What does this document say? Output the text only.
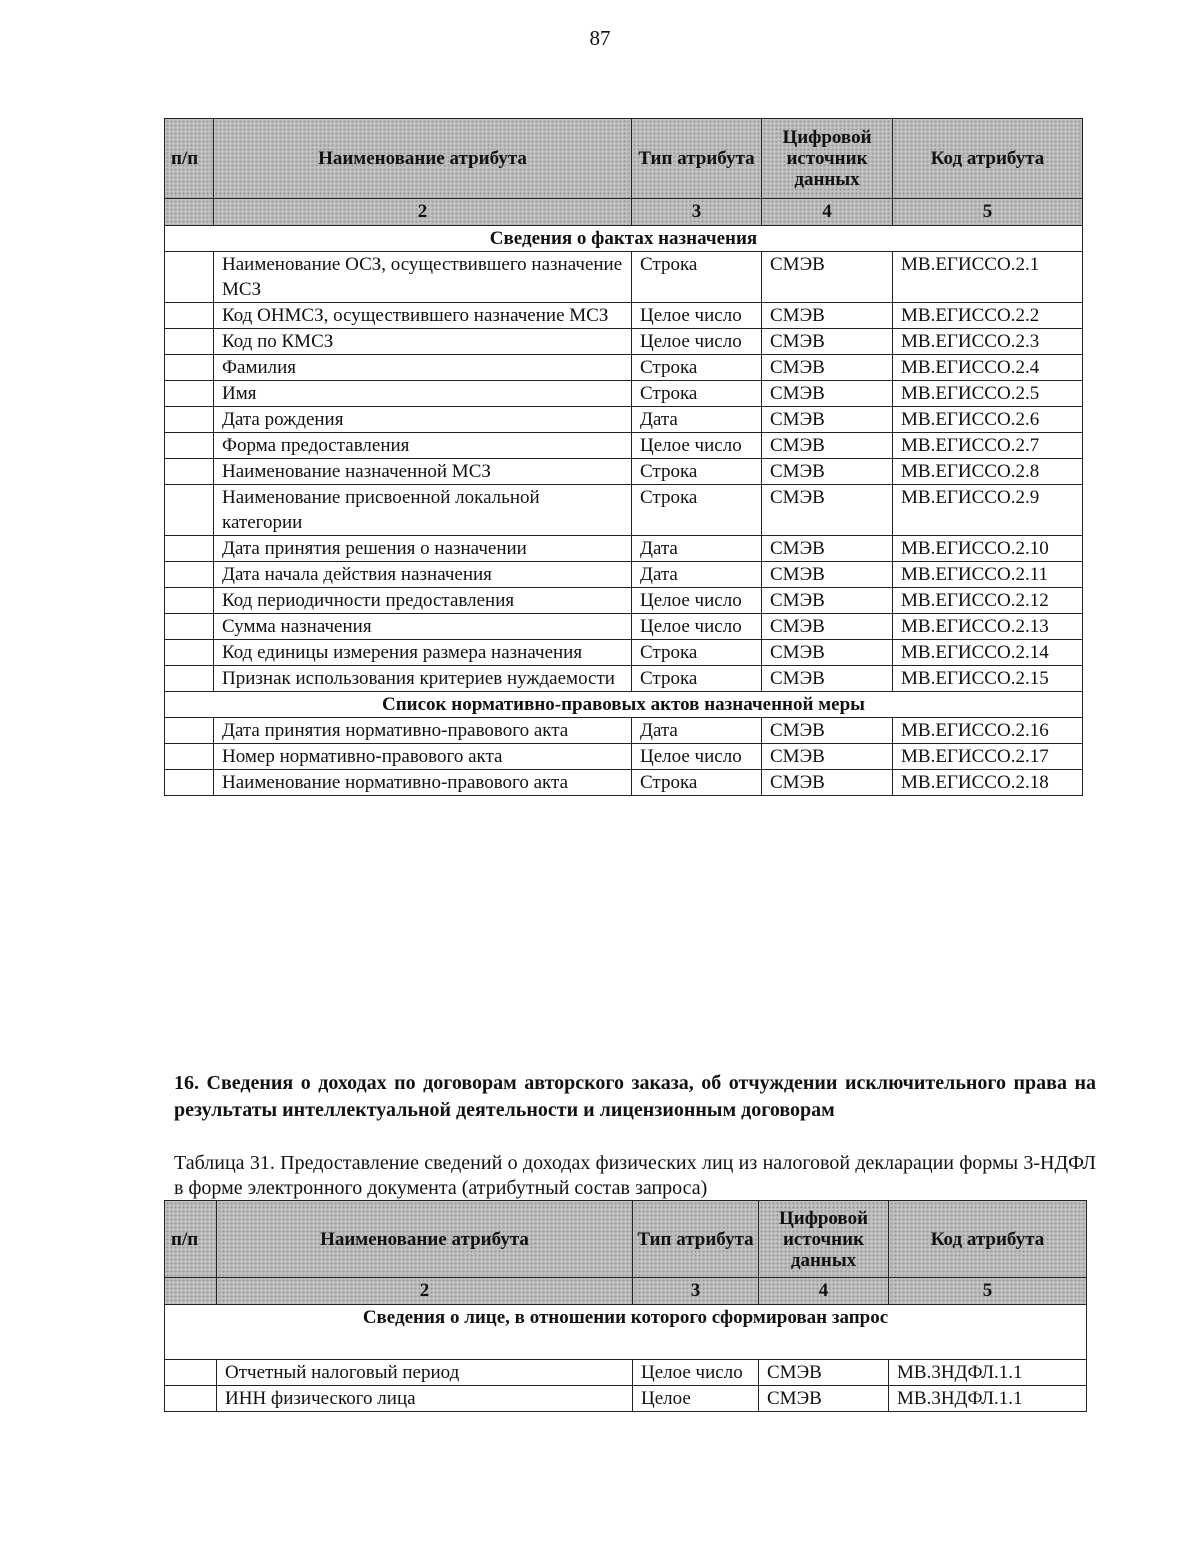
87
п/п	Наименование атрибута	Тип атрибута	Цифровой источник данных	Код атрибута
	2	3	4	5
Сведения о фактах назначения				
	Наименование ОСЗ, осуществившего назначение МСЗ	Строка	СМЭВ	МВ.ЕГИССО.2.1
	Код ОНМСЗ, осуществившего назначение МСЗ	Целое число	СМЭВ	МВ.ЕГИССО.2.2
	Код по КМСЗ	Целое число	СМЭВ	МВ.ЕГИССО.2.3
	Фамилия	Строка	СМЭВ	МВ.ЕГИССО.2.4
	Имя	Строка	СМЭВ	МВ.ЕГИССО.2.5
	Дата рождения	Дата	СМЭВ	МВ.ЕГИССО.2.6
	Форма предоставления	Целое число	СМЭВ	МВ.ЕГИССО.2.7
	Наименование назначенной МСЗ	Строка	СМЭВ	МВ.ЕГИССО.2.8
	Наименование присвоенной локальной категории	Строка	СМЭВ	МВ.ЕГИССО.2.9
	Дата принятия решения о назначении	Дата	СМЭВ	МВ.ЕГИССО.2.10
	Дата начала действия назначения	Дата	СМЭВ	МВ.ЕГИССО.2.11
	Код периодичности предоставления	Целое число	СМЭВ	МВ.ЕГИССО.2.12
	Сумма назначения	Целое число	СМЭВ	МВ.ЕГИССО.2.13
	Код единицы измерения размера назначения	Строка	СМЭВ	МВ.ЕГИССО.2.14
	Признак использования критериев нуждаемости	Строка	СМЭВ	МВ.ЕГИССО.2.15
Список нормативно-правовых актов назначенной меры				
	Дата принятия нормативно-правового акта	Дата	СМЭВ	МВ.ЕГИССО.2.16
	Номер нормативно-правового акта	Целое число	СМЭВ	МВ.ЕГИССО.2.17
	Наименование нормативно-правового акта	Строка	СМЭВ	МВ.ЕГИССО.2.18
16. Сведения о доходах по договорам авторского заказа, об отчуждении исключительного права на результаты интеллектуальной деятельности и лицензионным договорам
Таблица 31. Предоставление сведений о доходах физических лиц из налоговой декларации формы 3-НДФЛ в форме электронного документа (атрибутный состав запроса)
п/п	Наименование атрибута	Тип атрибута	Цифровой источник данных	Код атрибута
	2	3	4	5
Сведения о лице, в отношении которого сформирован запрос				
	Отчетный налоговый период	Целое число	СМЭВ	МВ.3НДФЛ.1.1
	ИНН физического лица	Целое	СМЭВ	МВ.3НДФЛ.1.1
